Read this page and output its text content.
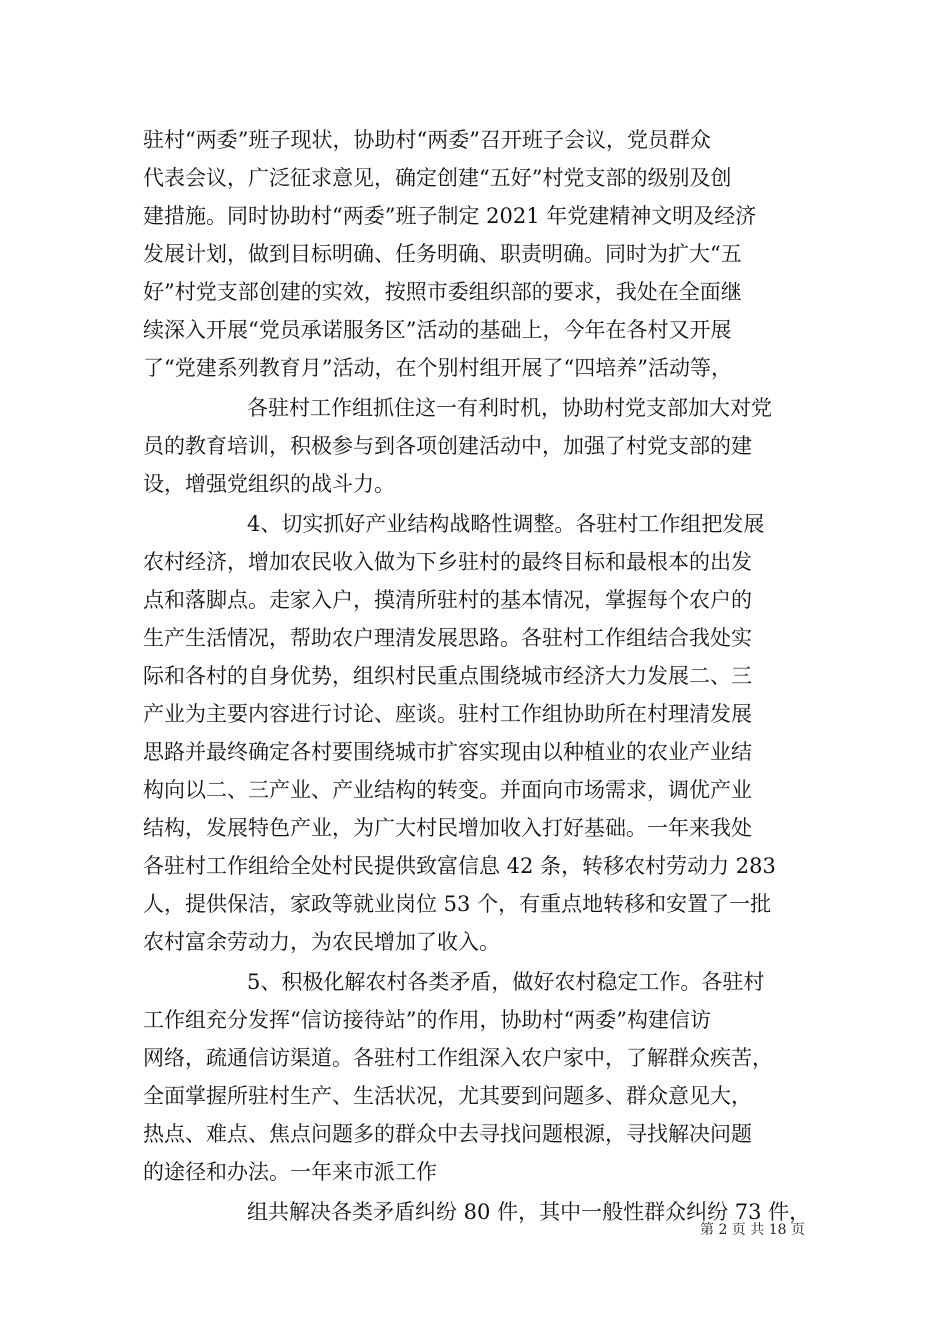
驻村“两委”班子现状，协助村“两委”召开班子会议，党员群众
代表会议，广泛征求意见，确定创建“五好”村党支部的级别及创
建措施。同时协助村“两委”班子制定 2021 年党建精神文明及经济
发展计划，做到目标明确、任务明确、职责明确。同时为扩大“五
好”村党支部创建的实效，按照市委组织部的要求，我处在全面继
续深入开展“党员承诺服务区”活动的基础上，今年在各村又开展
了“党建系列教育月”活动，在个别村组开展了“四培养”活动等，
各驻村工作组抓住这一有利时机，协助村党支部加大对党
员的教育培训，积极参与到各项创建活动中，加强了村党支部的建
设，增强党组织的战斗力。
4、切实抓好产业结构战略性调整。各驻村工作组把发展
农村经济，增加农民收入做为下乡驻村的最终目标和最根本的出发
点和落脚点。走家入户，摸清所驻村的基本情况，掌握每个农户的
生产生活情况，帮助农户理清发展思路。各驻村工作组结合我处实
际和各村的自身优势，组织村民重点围绕城市经济大力发展二、三
产业为主要内容进行讨论、座谈。驻村工作组协助所在村理清发展
思路并最终确定各村要围绕城市扩容实现由以种植业的农业产业结
构向以二、三产业、产业结构的转变。并面向市场需求，调优产业
结构，发展特色产业，为广大村民增加收入打好基础。一年来我处
各驻村工作组给全处村民提供致富信息 42 条，转移农村劳动力 283
人，提供保洁，家政等就业岗位 53 个，有重点地转移和安置了一批
农村富余劳动力，为农民增加了收入。
5、积极化解农村各类矛盾，做好农村稳定工作。各驻村
工作组充分发挥“信访接待站”的作用，协助村“两委”构建信访
网络，疏通信访渠道。各驻村工作组深入农户家中，了解群众疾苦，
全面掌握所驻村生产、生活状况，尤其要到问题多、群众意见大，
热点、难点、焦点问题多的群众中去寻找问题根源，寻找解决问题
的途径和办法。一年来市派工作
组共解决各类矛盾纠纷 80 件，其中一般性群众纠纷 73 件，
第 2 页 共 18 页
